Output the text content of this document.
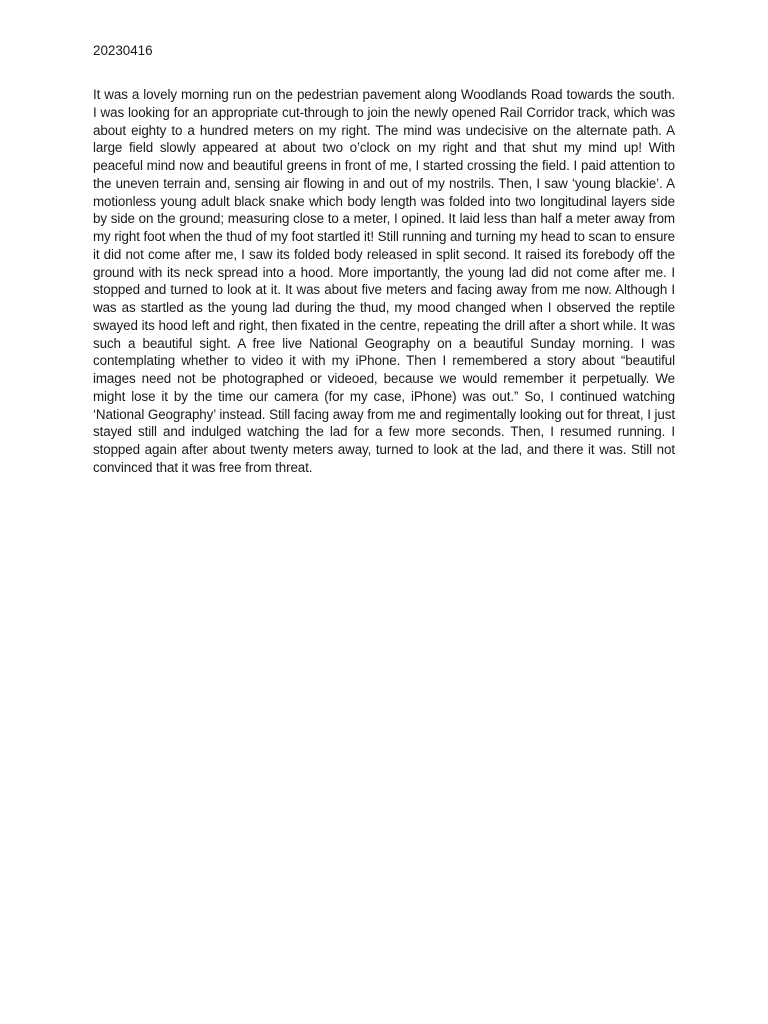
20230416

It was a lovely morning run on the pedestrian pavement along Woodlands Road towards the south. I was looking for an appropriate cut-through to join the newly opened Rail Corridor track, which was about eighty to a hundred meters on my right. The mind was undecisive on the alternate path. A large field slowly appeared at about two o’clock on my right and that shut my mind up! With peaceful mind now and beautiful greens in front of me, I started crossing the field. I paid attention to the uneven terrain and, sensing air flowing in and out of my nostrils. Then, I saw ‘young blackie’. A motionless young adult black snake which body length was folded into two longitudinal layers side by side on the ground; measuring close to a meter, I opined. It laid less than half a meter away from my right foot when the thud of my foot startled it! Still running and turning my head to scan to ensure it did not come after me, I saw its folded body released in split second. It raised its forebody off the ground with its neck spread into a hood. More importantly, the young lad did not come after me. I stopped and turned to look at it. It was about five meters and facing away from me now. Although I was as startled as the young lad during the thud, my mood changed when I observed the reptile swayed its hood left and right, then fixated in the centre, repeating the drill after a short while. It was such a beautiful sight. A free live National Geography on a beautiful Sunday morning. I was contemplating whether to video it with my iPhone. Then I remembered a story about “beautiful images need not be photographed or videoed, because we would remember it perpetually. We might lose it by the time our camera (for my case, iPhone) was out.” So, I continued watching ‘National Geography’ instead. Still facing away from me and regimentally looking out for threat, I just stayed still and indulged watching the lad for a few more seconds. Then, I resumed running. I stopped again after about twenty meters away, turned to look at the lad, and there it was. Still not convinced that it was free from threat.
